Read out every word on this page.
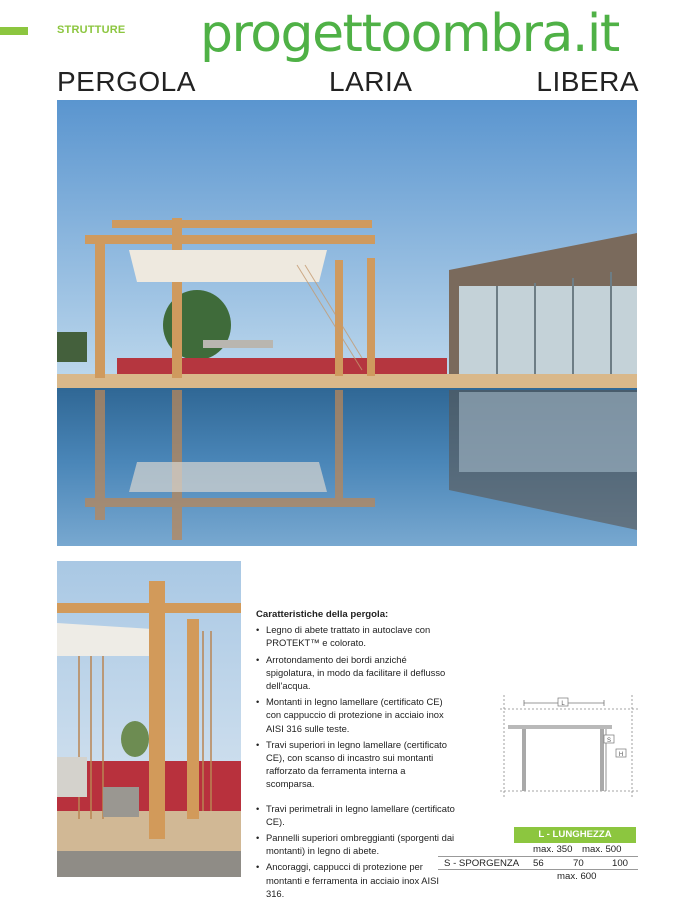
STRUTTURE progettoombra.it
PERGOLA	LARIA	LIBERA
Caratteristiche della pergola:
• Legno di abete trattato in autoclave con PROTEKT™ e colorato.
• Arrotondamento dei bordi anziché spigolatura, in modo da facilitare il deflusso dell'acqua.
• Montanti in legno lamellare (certificato CE) con cappuccio di protezione in acciaio inox AISI 316 sulle teste.
• Travi superiori in legno lamellare (certificato CE), con scanso di incastro sui montanti rafforzato da ferramenta interna a scomparsa.
• Travi perimetrali in legno lamellare (certificato CE).
• Pannelli superiori ombreggianti (sporgenti dai montanti) in legno di abete.
• Ancoraggi, cappucci di protezione per montanti e ferramenta in acciaio inox AISI 316.
L
S
H
L - LUNGHEZZA
max. 350 max. 500
S - SPORGENZA 56	70	100
max. 600
